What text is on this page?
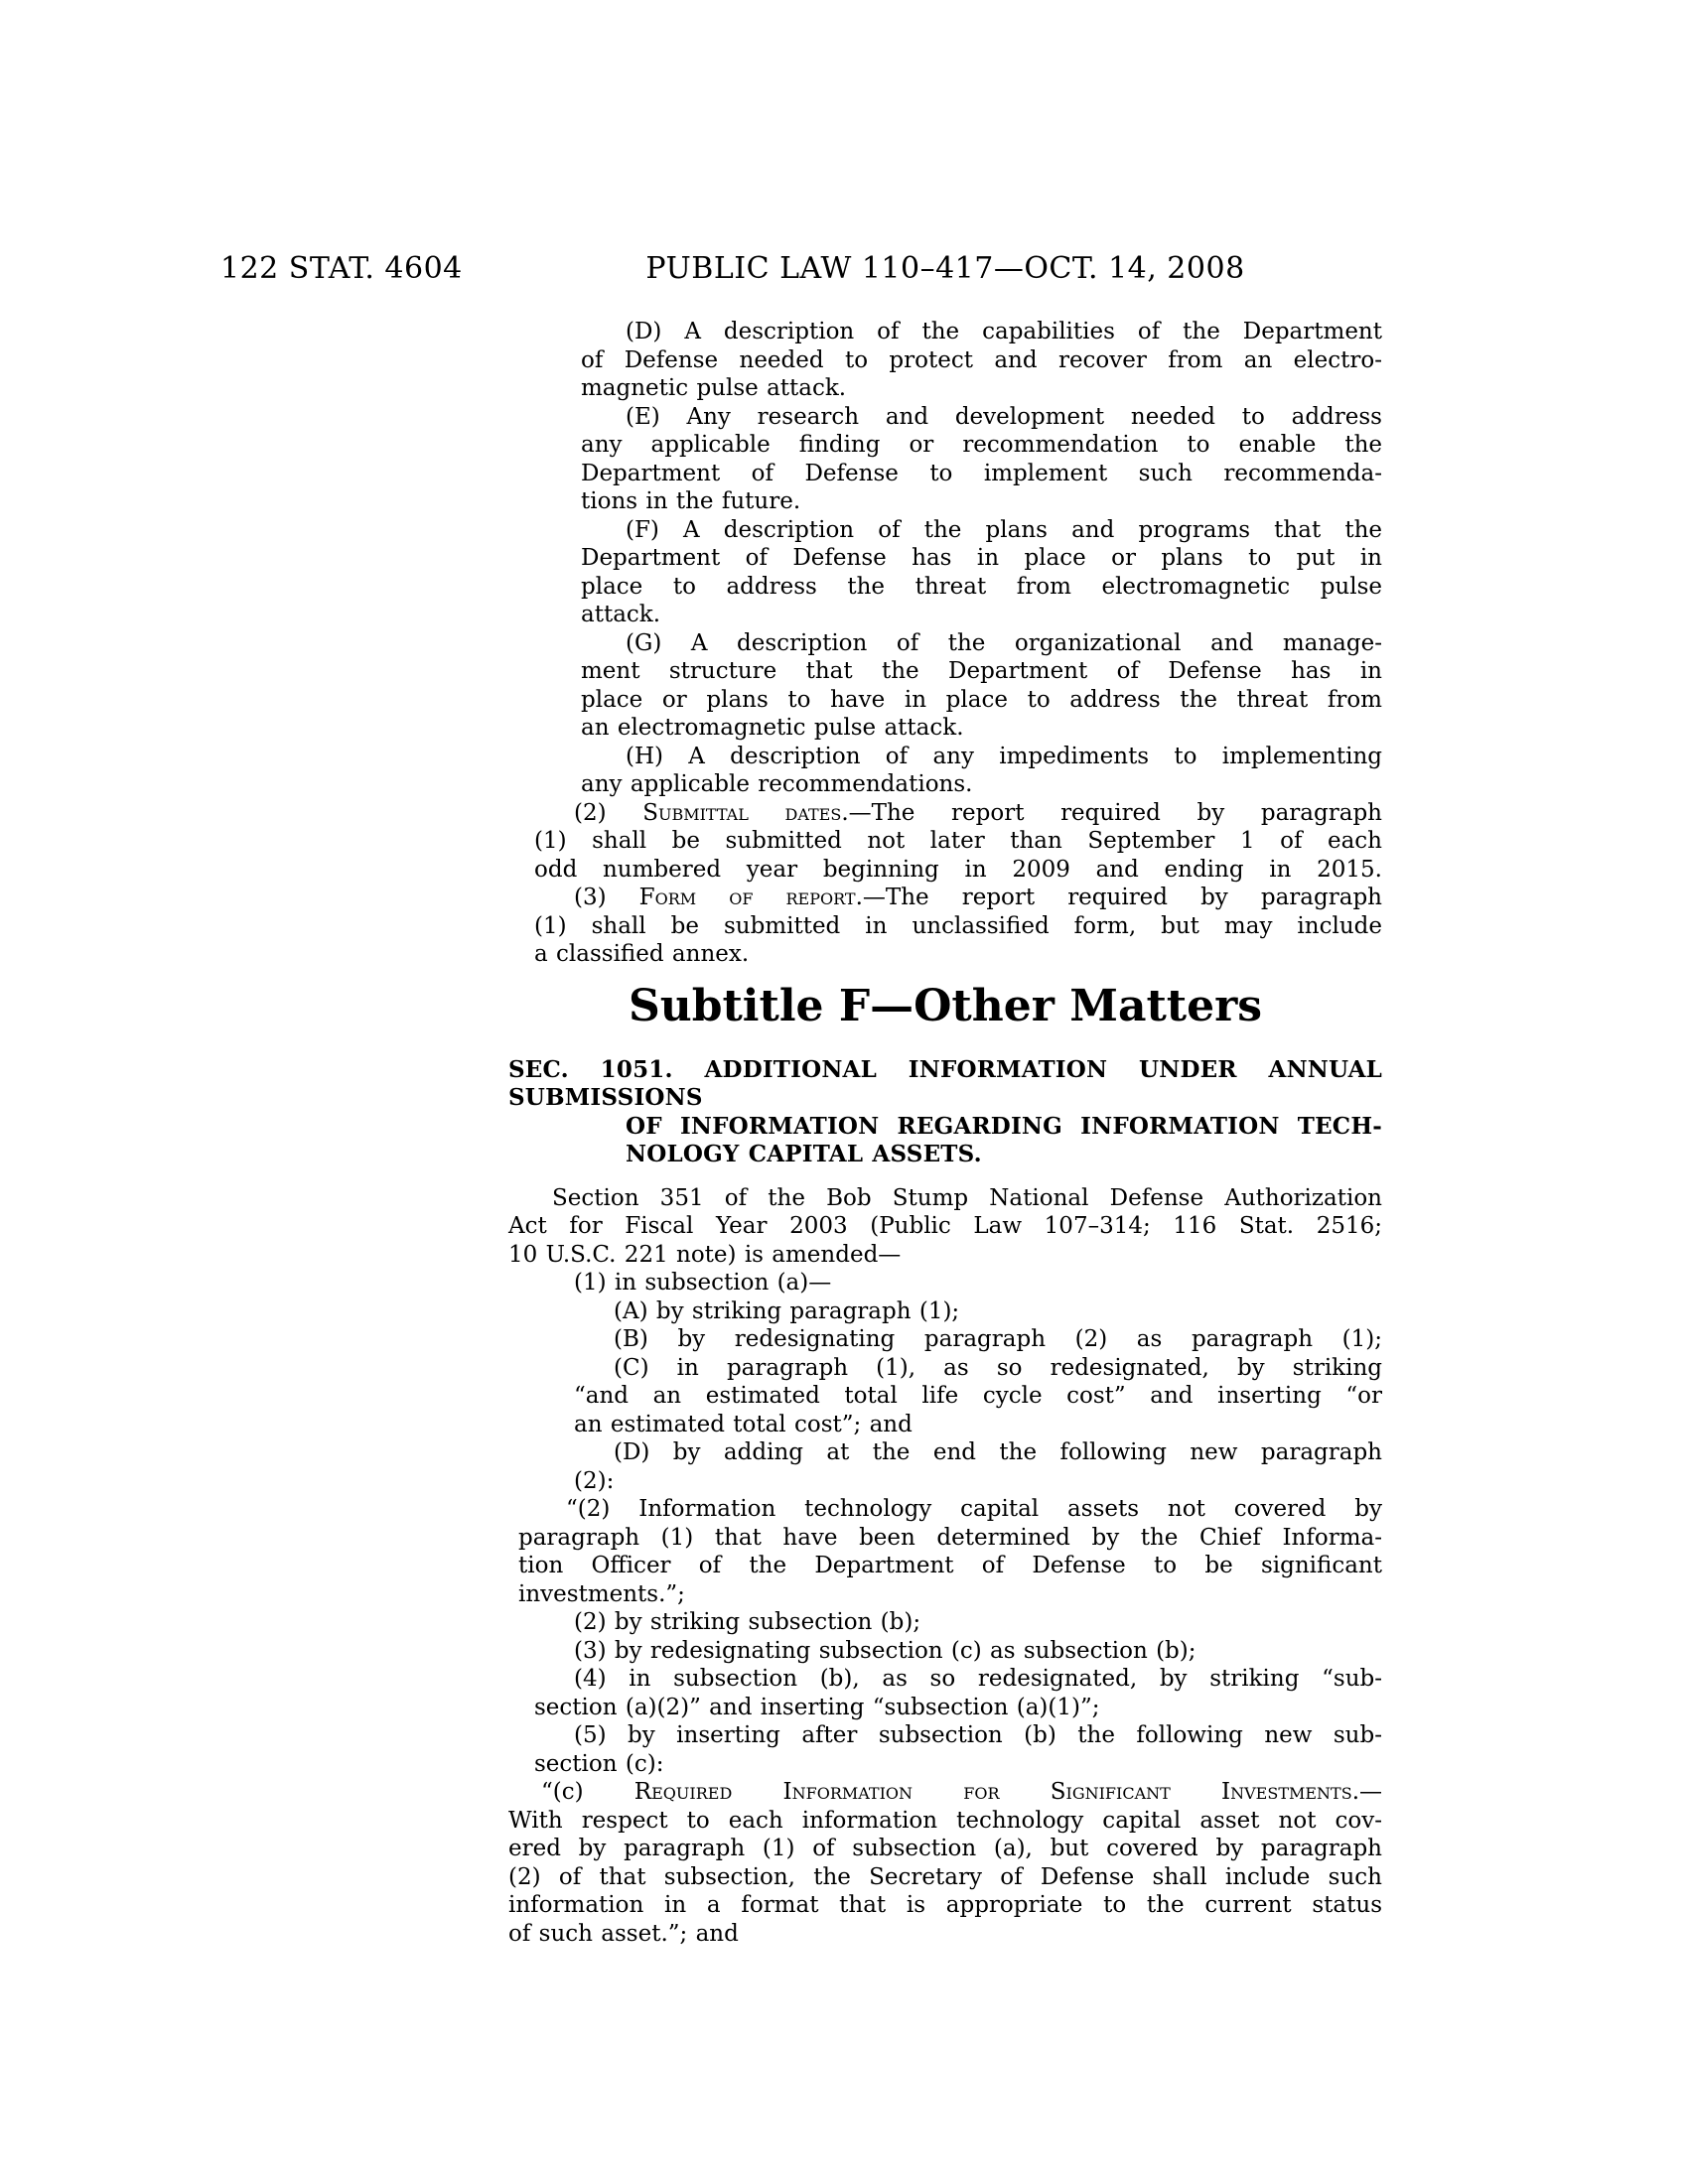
122 STAT. 4604	PUBLIC LAW 110–417—OCT. 14, 2008
(D) A description of the capabilities of the Department
of Defense needed to protect and recover from an electro-
magnetic pulse attack.
(E) Any research and development needed to address
any applicable finding or recommendation to enable the
Department of Defense to implement such recommenda-
tions in the future.
(F) A description of the plans and programs that the
Department of Defense has in place or plans to put in
place to address the threat from electromagnetic pulse
attack.
(G) A description of the organizational and manage-
ment structure that the Department of Defense has in
place or plans to have in place to address the threat from
an electromagnetic pulse attack.
(H) A description of any impediments to implementing
any applicable recommendations.
(2) Submittal dates.—The report required by paragraph
(1) shall be submitted not later than September 1 of each
odd numbered year beginning in 2009 and ending in 2015.
(3) Form of report.—The report required by paragraph
(1) shall be submitted in unclassified form, but may include
a classified annex.
Subtitle F—Other Matters
SEC. 1051. ADDITIONAL INFORMATION UNDER ANNUAL SUBMISSIONS
OF INFORMATION REGARDING INFORMATION TECH-
NOLOGY CAPITAL ASSETS.
Section 351 of the Bob Stump National Defense Authorization
Act for Fiscal Year 2003 (Public Law 107–314; 116 Stat. 2516;
10 U.S.C. 221 note) is amended—
(1) in subsection (a)—
(A) by striking paragraph (1);
(B) by redesignating paragraph (2) as paragraph (1);
(C) in paragraph (1), as so redesignated, by striking
“and an estimated total life cycle cost” and inserting “or
an estimated total cost”; and
(D) by adding at the end the following new paragraph
(2):
“(2) Information technology capital assets not covered by
paragraph (1) that have been determined by the Chief Informa-
tion Officer of the Department of Defense to be significant
investments.”;
(2) by striking subsection (b);
(3) by redesignating subsection (c) as subsection (b);
(4) in subsection (b), as so redesignated, by striking “sub-
section (a)(2)” and inserting “subsection (a)(1)”;
(5) by inserting after subsection (b) the following new sub-
section (c):
“(c) Required Information for Significant Investments.—
With respect to each information technology capital asset not cov-
ered by paragraph (1) of subsection (a), but covered by paragraph
(2) of that subsection, the Secretary of Defense shall include such
information in a format that is appropriate to the current status
of such asset.”; and
